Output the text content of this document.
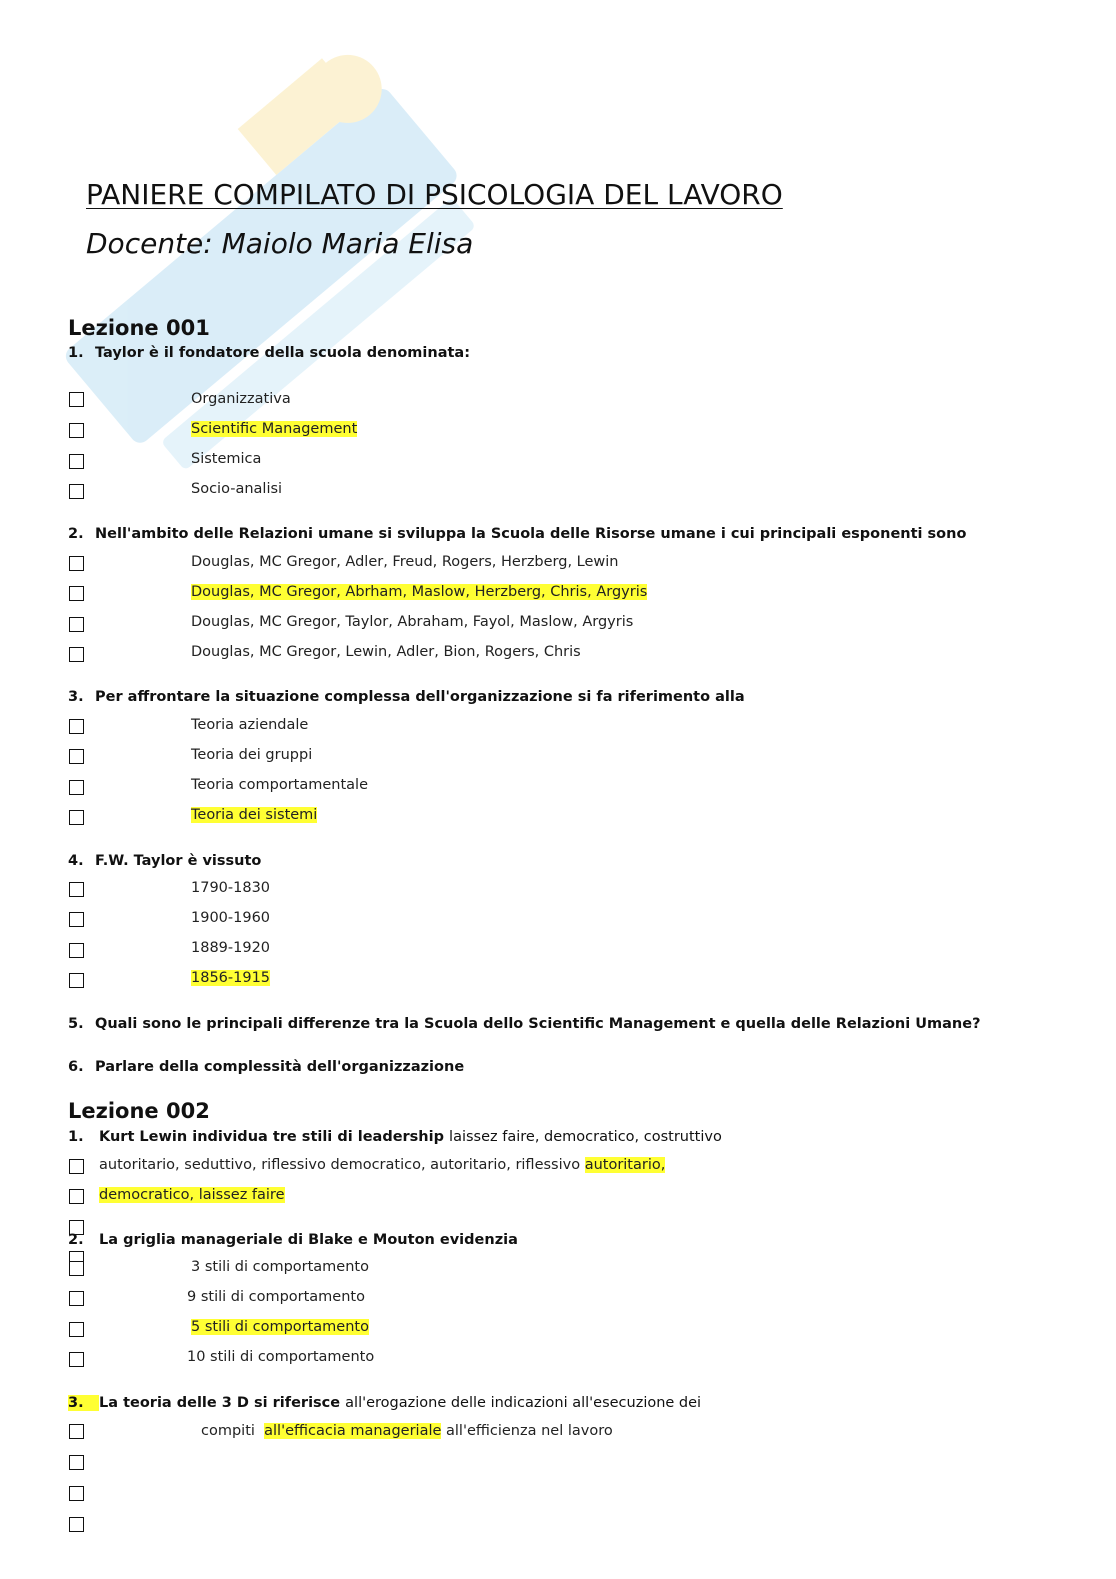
PANIERE COMPILATO DI PSICOLOGIA DEL LAVORO
Docente: Maiolo Maria Elisa
Lezione 001
1. Taylor è il fondatore della scuola denominata:
Organizzativa
Scientific Management
Sistemica
Socio-analisi
2. Nell'ambito delle Relazioni umane si sviluppa la Scuola delle Risorse umane i cui principali esponenti sono
Douglas, MC Gregor, Adler, Freud, Rogers, Herzberg, Lewin
Douglas, MC Gregor, Abrham, Maslow, Herzberg, Chris, Argyris
Douglas, MC Gregor, Taylor, Abraham, Fayol, Maslow, Argyris
Douglas, MC Gregor, Lewin, Adler, Bion, Rogers, Chris
3. Per affrontare la situazione complessa dell'organizzazione si fa riferimento alla
Teoria aziendale
Teoria dei gruppi
Teoria comportamentale
Teoria dei sistemi
4. F.W. Taylor è vissuto
1790-1830
1900-1960
1889-1920
1856-1915
5. Quali sono le principali differenze tra la Scuola dello Scientific Management e quella delle Relazioni Umane?
6. Parlare della complessità dell'organizzazione
Lezione 002
1. Kurt Lewin individua tre stili di leadership laissez faire, democratico, costruttivo
autoritario, seduttivo, riflessivo democratico, autoritario, riflessivo autoritario,
democratico, laissez faire
2. La griglia manageriale di Blake e Mouton evidenzia
3 stili di comportamento
9 stili di comportamento
5 stili di comportamento
10 stili di comportamento
3. La teoria delle 3 D si riferisce all'erogazione delle indicazioni all'esecuzione dei
compiti all'efficacia manageriale all'efficienza nel lavoro
